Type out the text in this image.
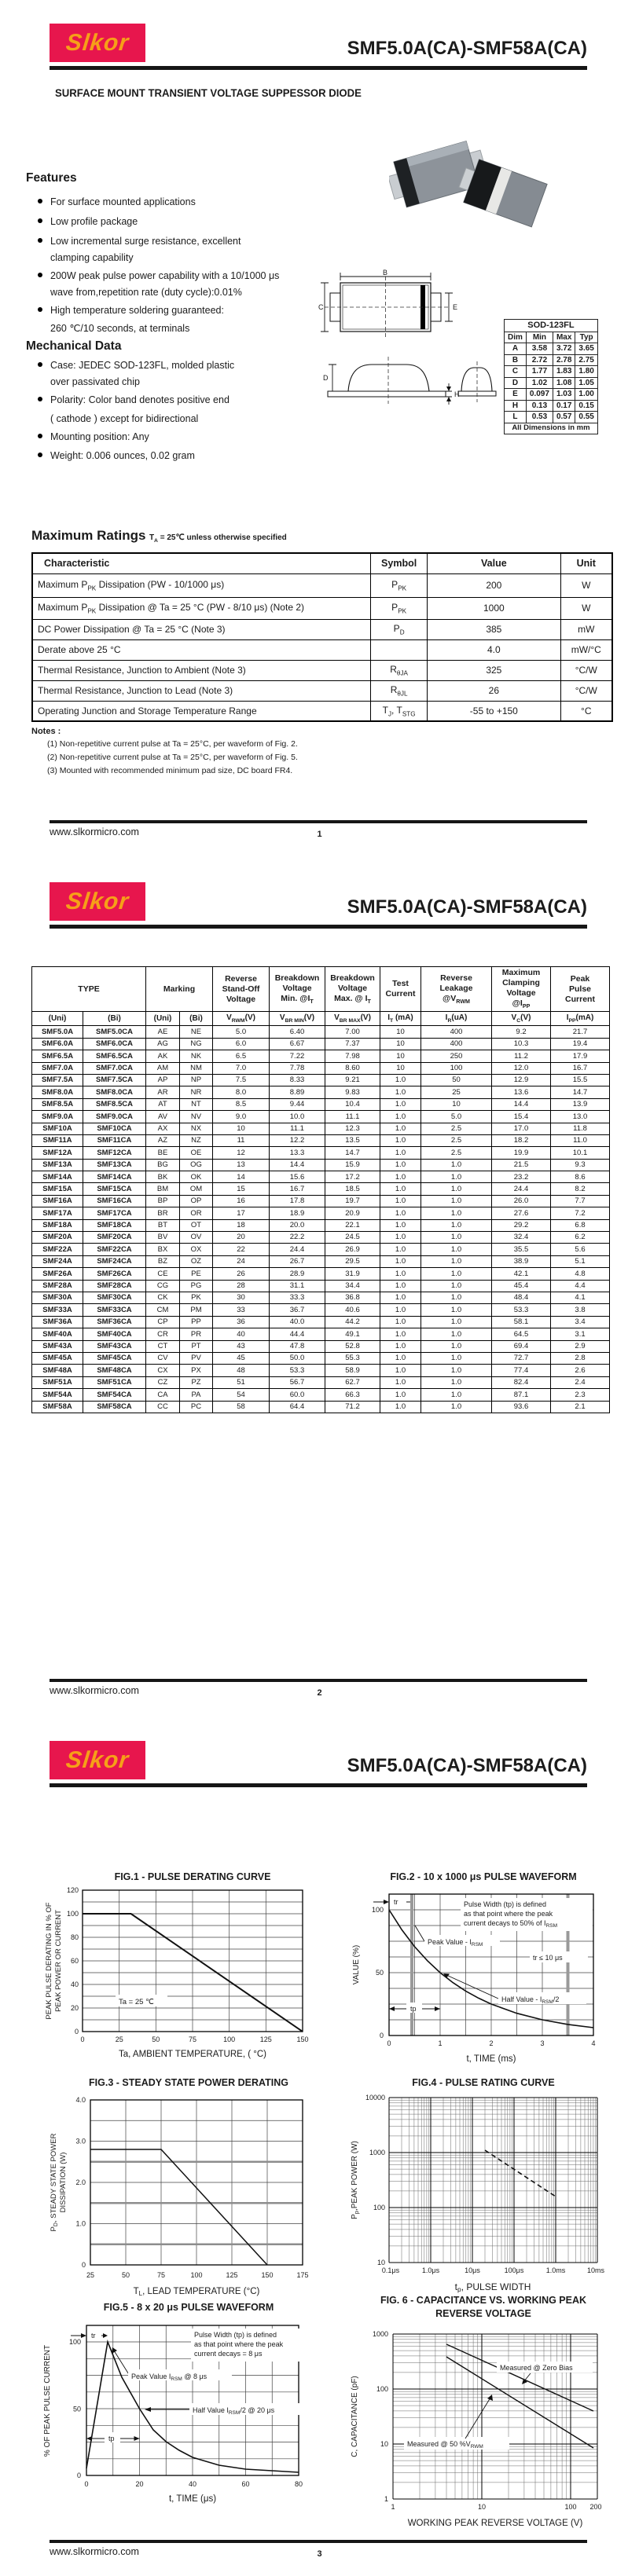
Slkor	SMF5.0A(CA)-SMF58A(CA)
SURFACE MOUNT TRANSIENT VOLTAGE SUPPESSOR DIODE
Features
For surface mounted applications
Low profile package
Low incremental surge resistance, excellent
clamping capability
200W peak pulse power capability with a 10/1000 μs
wave from,repetition rate (duty cycle):0.01%
High temperature soldering guaranteed:
260 ℃/10 seconds, at terminals
Mechanical Data
Case: JEDEC SOD-123FL, molded plastic
over passivated chip
Polarity: Color band denotes positive end
( cathode ) except for bidirectional
Mounting position: Any
Weight: 0.006 ounces, 0.02 gram
B
C	E
D
H
SOD-123FL			
Dim	Min	Max	Typ
A	3.58	3.72	3.65
B	2.72	2.78	2.75
C	1.77	1.83	1.80
D	1.02	1.08	1.05
E	0.097	1.03	1.00
H	0.13	0.17	0.15
L	0.53	0.57	0.55
All Dimensions in mm			
Maximum Ratings $T_A$ = 25℃ unless otherwise specified
Characteristic	Symbol	Value	Unit
Maximum $P_{PK}$ Dissipation (PW - 10/1000 μs)	$P_{PK}$	200	W
Maximum $P_{PK}$ Dissipation @ Ta = 25 °C (PW - 8/10 μs) (Note 2)	$P_{PK}$	1000	W
DC Power Dissipation @ Ta = 25 °C (Note 3)	$P_D$	385	mW
Derate above 25 °C		4.0	mW/°C
Thermal Resistance, Junction to Ambient (Note 3)	$R_{\theta JA}$	325	°C/W
Thermal Resistance, Junction to Lead (Note 3)	$R_{\theta JL}$	26	°C/W
Operating Junction and Storage Temperature Range	$T_J$, $T_{STG}$	-55 to +150	°C
Notes :
(1) Non-repetitive current pulse at Ta = 25°C, per waveform of Fig. 2.
(2) Non-repetitive current pulse at Ta = 25°C, per waveform of Fig. 5.
(3) Mounted with recommended minimum pad size, DC board FR4.
www.slkormicro.com	1
Slkor	SMF5.0A(CA)-SMF58A(CA)
TYPE	Marking	
Reverse
Stand-Off
Voltage

Breakdown
Voltage
Min. $@I_T$

Breakdown
Voltage
Max. @ $I_T$

Test
Current

Reverse
Leakage
$@V_{RWM}$

Maximum
Clamping
Voltage
$@I_{PP}$

Peak
Pulse
Current

(Uni)	(Bi)	(Uni)	(Bi)	$V_{RWM}(V)$	$V_{BR MIN}(V)$	$V_{BR MAX}(V)$	$I_T$ (mA)	$I_R(uA)$	$V_C(V)$	$I_{PP}(mA)$
SMF5.0A	SMF5.0CA	AE	NE	5.0	6.40	7.00	10	400	9.2	21.7
SMF6.0A	SMF6.0CA	AG	NG	6.0	6.67	7.37	10	400	10.3	19.4
SMF6.5A	SMF6.5CA	AK	NK	6.5	7.22	7.98	10	250	11.2	17.9
SMF7.0A	SMF7.0CA	AM	NM	7.0	7.78	8.60	10	100	12.0	16.7
SMF7.5A	SMF7.5CA	AP	NP	7.5	8.33	9.21	1.0	50	12.9	15.5
SMF8.0A	SMF8.0CA	AR	NR	8.0	8.89	9.83	1.0	25	13.6	14.7
SMF8.5A	SMF8.5CA	AT	NT	8.5	9.44	10.4	1.0	10	14.4	13.9
SMF9.0A	SMF9.0CA	AV	NV	9.0	10.0	11.1	1.0	5.0	15.4	13.0
SMF10A	SMF10CA	AX	NX	10	11.1	12.3	1.0	2.5	17.0	11.8
SMF11A	SMF11CA	AZ	NZ	11	12.2	13.5	1.0	2.5	18.2	11.0
SMF12A	SMF12CA	BE	OE	12	13.3	14.7	1.0	2.5	19.9	10.1
SMF13A	SMF13CA	BG	OG	13	14.4	15.9	1.0	1.0	21.5	9.3
SMF14A	SMF14CA	BK	OK	14	15.6	17.2	1.0	1.0	23.2	8.6
SMF15A	SMF15CA	BM	OM	15	16.7	18.5	1.0	1.0	24.4	8.2
SMF16A	SMF16CA	BP	OP	16	17.8	19.7	1.0	1.0	26.0	7.7
SMF17A	SMF17CA	BR	OR	17	18.9	20.9	1.0	1.0	27.6	7.2
SMF18A	SMF18CA	BT	OT	18	20.0	22.1	1.0	1.0	29.2	6.8
SMF20A	SMF20CA	BV	OV	20	22.2	24.5	1.0	1.0	32.4	6.2
SMF22A	SMF22CA	BX	OX	22	24.4	26.9	1.0	1.0	35.5	5.6
SMF24A	SMF24CA	BZ	OZ	24	26.7	29.5	1.0	1.0	38.9	5.1
SMF26A	SMF26CA	CE	PE	26	28.9	31.9	1.0	1.0	42.1	4.8
SMF28A	SMF28CA	CG	PG	28	31.1	34.4	1.0	1.0	45.4	4.4
SMF30A	SMF30CA	CK	PK	30	33.3	36.8	1.0	1.0	48.4	4.1
SMF33A	SMF33CA	CM	PM	33	36.7	40.6	1.0	1.0	53.3	3.8
SMF36A	SMF36CA	CP	PP	36	40.0	44.2	1.0	1.0	58.1	3.4
SMF40A	SMF40CA	CR	PR	40	44.4	49.1	1.0	1.0	64.5	3.1
SMF43A	SMF43CA	CT	PT	43	47.8	52.8	1.0	1.0	69.4	2.9
SMF45A	SMF45CA	CV	PV	45	50.0	55.3	1.0	1.0	72.7	2.8
SMF48A	SMF48CA	CX	PX	48	53.3	58.9	1.0	1.0	77.4	2.6
SMF51A	SMF51CA	CZ	PZ	51	56.7	62.7	1.0	1.0	82.4	2.4
SMF54A	SMF54CA	CA	PA	54	60.0	66.3	1.0	1.0	87.1	2.3
SMF58A	SMF58CA	CC	PC	58	64.4	71.2	1.0	1.0	93.6	2.1
www.slkormicro.com	2
Slkor	SMF5.0A(CA)-SMF58A(CA)
FIG.1 - PULSE DERATING CURVE
Ta = 25 ℃
120
100
80
60
40
20
0
0	25	50	75	100	125	150
Ta, AMBIENT TEMPERATURE, ( °C)
PEAK PULSE DERATING IN % OF PEAK POWER OR CURRENT
FIG.2 - 10 x 1000 μs PULSE WAVEFORM
tr	Pulse Width (tp) is defined
as that point where the peak
current decays to 50% of $I_{RSM}$
tr ≤ 10 μs
Peak Value - $I_{RSM}$
Half Value - $I_{RSM}/2$
tp
100
50
0
0	1	2	3	4
t, TIME (ms)
VALUE (%)
FIG.3 - STEADY STATE POWER DERATING
4.0
3.0
2.0
1.0
0
25	50	75	100	125	150	175
TL, LEAD TEMPERATURE (°C)
$P_D$, STEADY STATE POWER DISSIPATION (W)
FIG.4 - PULSE RATING CURVE
10000
1000
100
10
0.1μs	1.0μs	10μs	100μs	1.0ms	10ms
tp, PULSE WIDTH
$P_p,PEAK$ POWER (W)
FIG.5 - 8 x 20 μs PULSE WAVEFORM
tr
Peak Value $I_{RSM}$ @ 8 μs
Pulse Width (tp) is defined
as that point where the peak
current decays = 8 μs
Half Value $I_{RSM}/2$ @ 20 μs
tp
100
50
0
0	20	40	60	80
t, TIME (μs)
% OF PEAK PULSE CURRENT
FIG. 6 - CAPACITANCE VS. WORKING PEAK
REVERSE VOLTAGE
Measured @ Zero Bias
Measured @ 50 $\%V_{RWM}$
1000
100
10
1
1	10	100 200
WORKING PEAK REVERSE VOLTAGE (V)
C, CAPACITANCE (pF)
www.slkormicro.com	3
